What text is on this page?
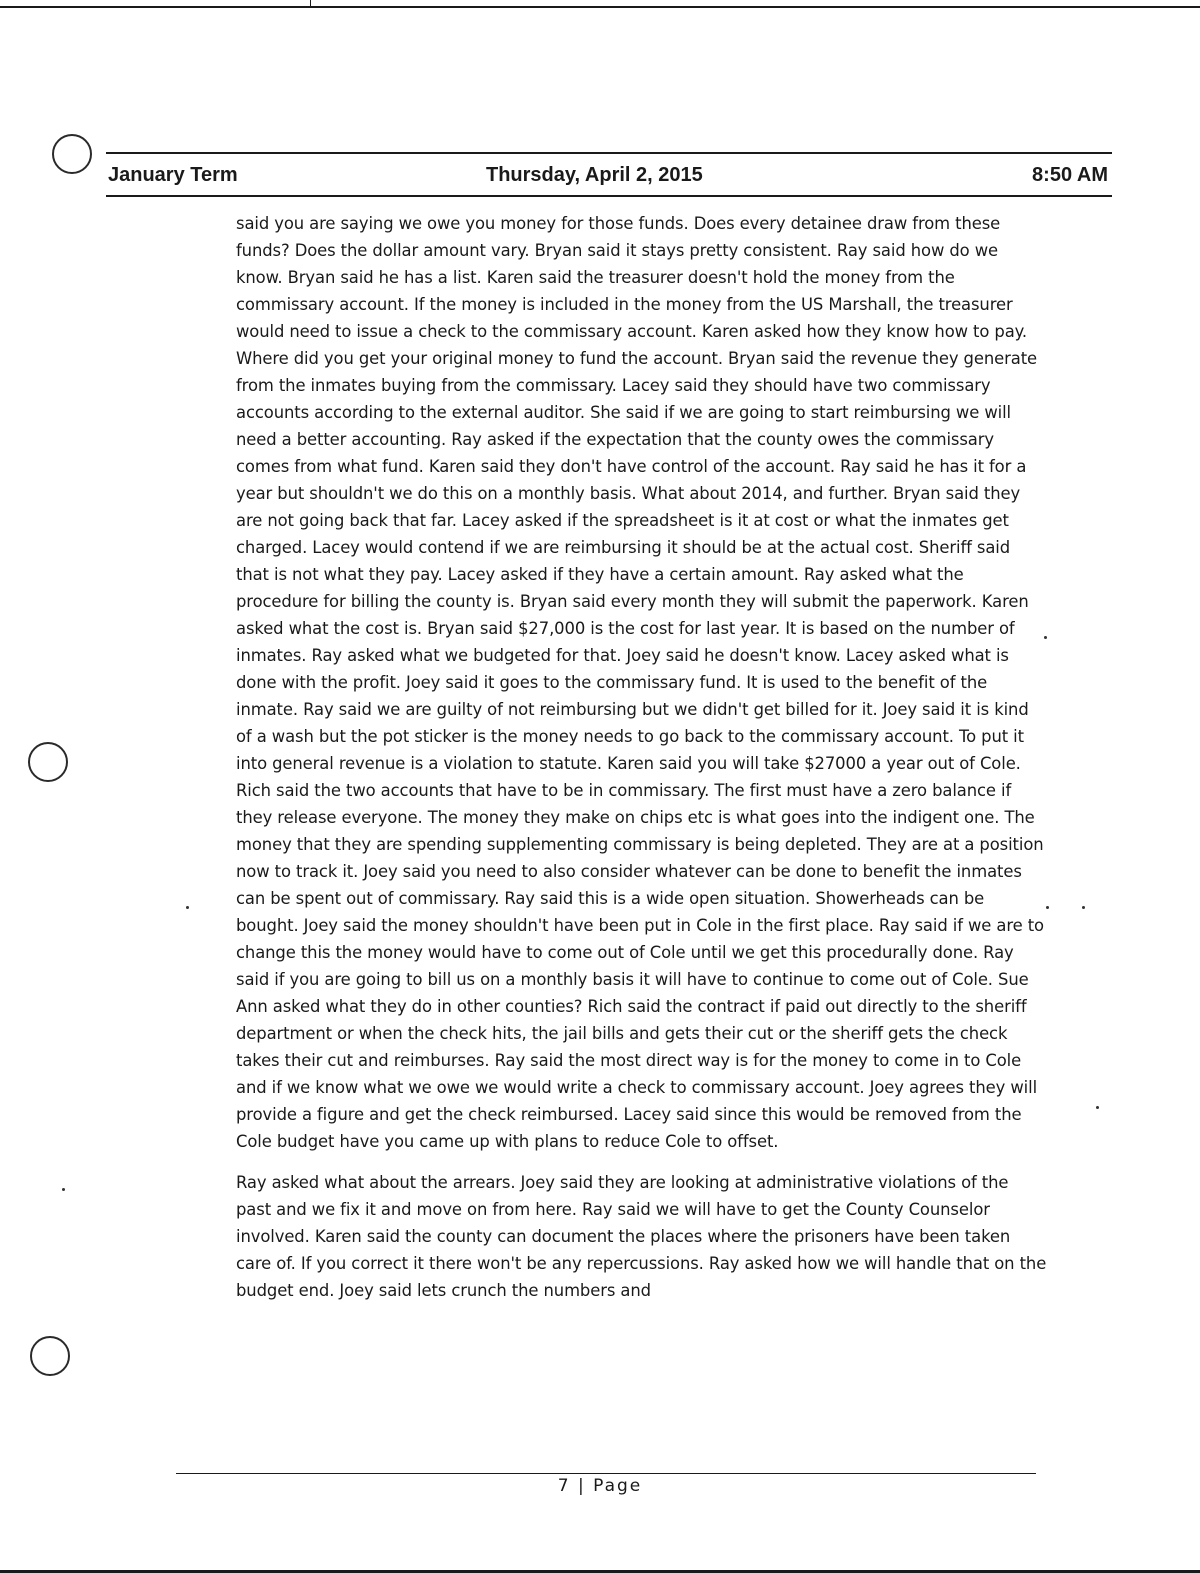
January Term	Thursday, April 2, 2015	8:50 AM

said you are saying we owe you money for those funds. Does every detainee draw from these funds? Does the dollar amount vary. Bryan said it stays pretty consistent. Ray said how do we know. Bryan said he has a list. Karen said the treasurer doesn't hold the money from the commissary account. If the money is included in the money from the US Marshall, the treasurer would need to issue a check to the commissary account. Karen asked how they know how to pay. Where did you get your original money to fund the account. Bryan said the revenue they generate from the inmates buying from the commissary. Lacey said they should have two commissary accounts according to the external auditor. She said if we are going to start reimbursing we will need a better accounting. Ray asked if the expectation that the county owes the commissary comes from what fund. Karen said they don't have control of the account. Ray said he has it for a year but shouldn't we do this on a monthly basis. What about 2014, and further. Bryan said they are not going back that far. Lacey asked if the spreadsheet is it at cost or what the inmates get charged. Lacey would contend if we are reimbursing it should be at the actual cost. Sheriff said that is not what they pay. Lacey asked if they have a certain amount. Ray asked what the procedure for billing the county is. Bryan said every month they will submit the paperwork. Karen asked what the cost is. Bryan said $27,000 is the cost for last year. It is based on the number of inmates. Ray asked what we budgeted for that. Joey said he doesn't know. Lacey asked what is done with the profit. Joey said it goes to the commissary fund. It is used to the benefit of the inmate. Ray said we are guilty of not reimbursing but we didn't get billed for it. Joey said it is kind of a wash but the pot sticker is the money needs to go back to the commissary account. To put it into general revenue is a violation to statute. Karen said you will take $27000 a year out of Cole. Rich said the two accounts that have to be in commissary. The first must have a zero balance if they release everyone. The money they make on chips etc is what goes into the indigent one. The money that they are spending supplementing commissary is being depleted. They are at a position now to track it. Joey said you need to also consider whatever can be done to benefit the inmates can be spent out of commissary. Ray said this is a wide open situation. Showerheads can be bought. Joey said the money shouldn't have been put in Cole in the first place. Ray said if we are to change this the money would have to come out of Cole until we get this procedurally done. Ray said if you are going to bill us on a monthly basis it will have to continue to come out of Cole. Sue Ann asked what they do in other counties? Rich said the contract if paid out directly to the sheriff department or when the check hits, the jail bills and gets their cut or the sheriff gets the check takes their cut and reimburses. Ray said the most direct way is for the money to come in to Cole and if we know what we owe we would write a check to commissary account. Joey agrees they will provide a figure and get the check reimbursed. Lacey said since this would be removed from the Cole budget have you came up with plans to reduce Cole to offset.

Ray asked what about the arrears. Joey said they are looking at administrative violations of the past and we fix it and move on from here. Ray said we will have to get the County Counselor involved. Karen said the county can document the places where the prisoners have been taken care of. If you correct it there won't be any repercussions. Ray asked how we will handle that on the budget end. Joey said lets crunch the numbers and

7 | Page
